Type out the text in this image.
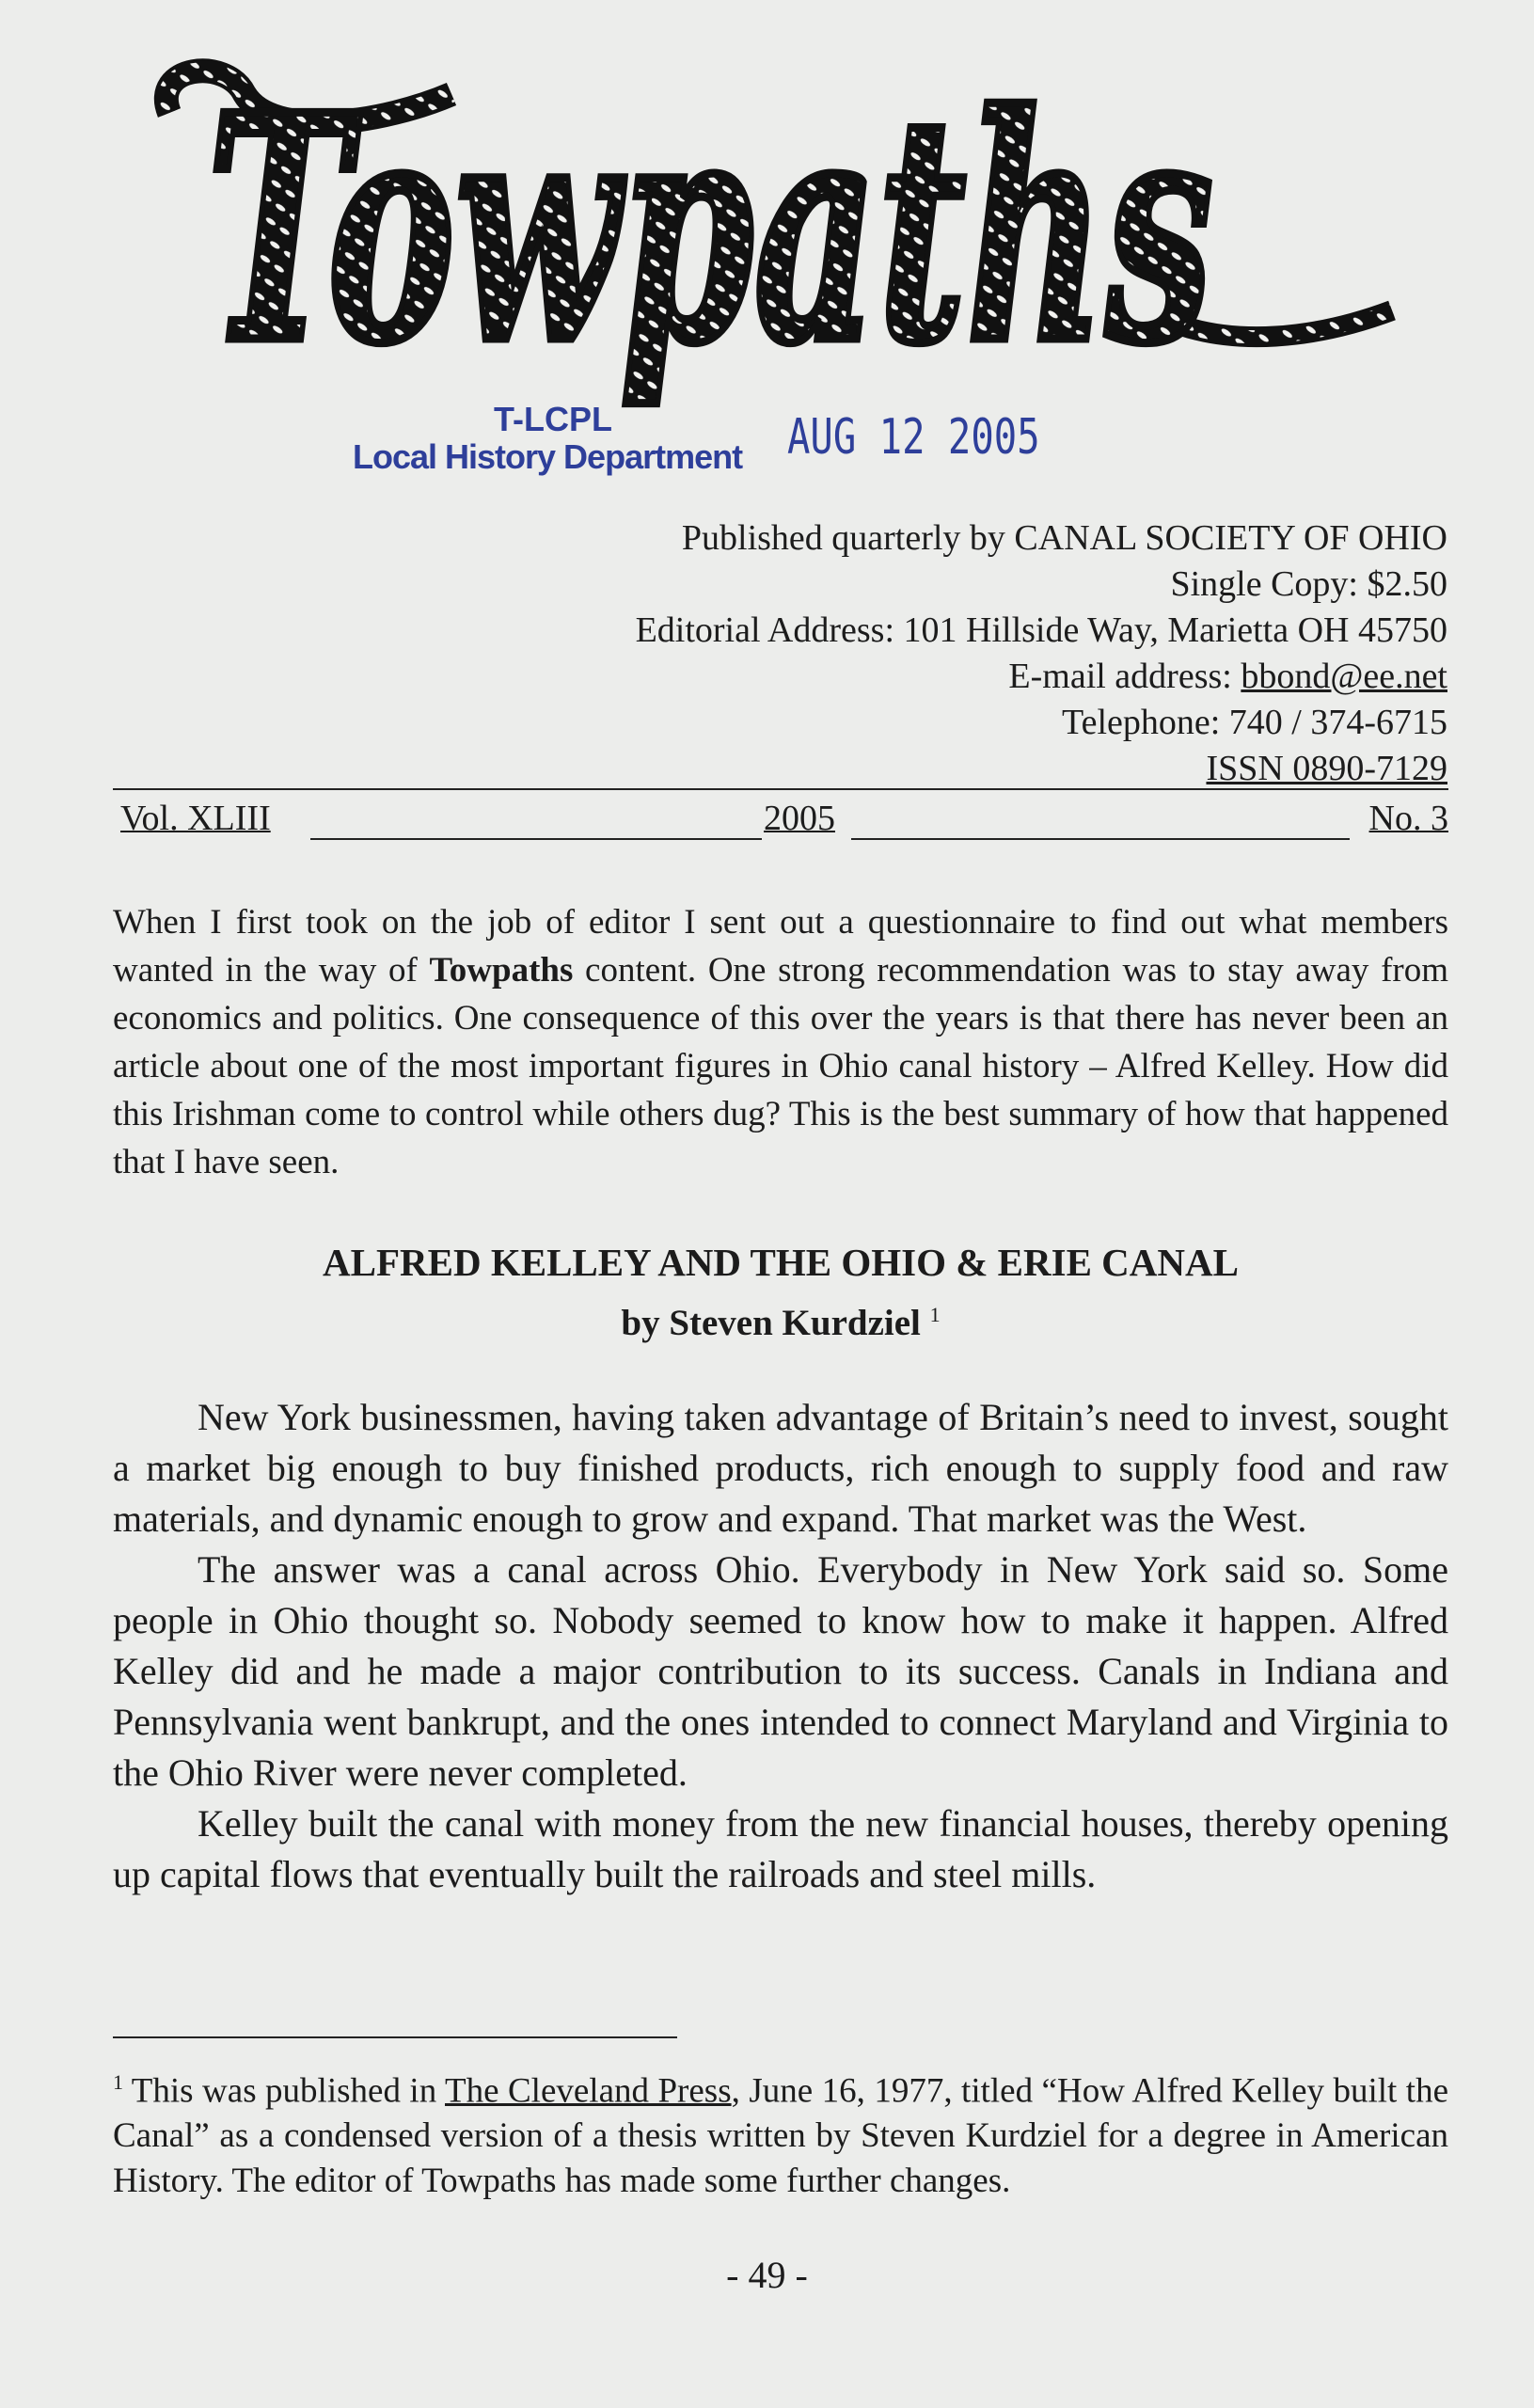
Towpaths
T-LCPL
Local History Department AUG 12 2005
Published quarterly by CANAL SOCIETY OF OHIO
Single Copy: $2.50
Editorial Address: 101 Hillside Way, Marietta OH 45750
E-mail address: bbond@ee.net
Telephone: 740 / 374-6715
ISSN 0890-7129
Vol. XLIII	2005	No. 3
When I first took on the job of editor I sent out a questionnaire to find out what members wanted in the way of Towpaths content. One strong recommendation was to stay away from economics and politics. One consequence of this over the years is that there has never been an article about one of the most important figures in Ohio canal history – Alfred Kelley. How did this Irishman come to control while others dug? This is the best summary of how that happened that I have seen.
ALFRED KELLEY AND THE OHIO & ERIE CANAL
by Steven Kurdziel $^1$

New York businessmen, having taken advantage of Britain’s need to invest, sought a market big enough to buy finished products, rich enough to supply food and raw materials, and dynamic enough to grow and expand. That market was the West.

The answer was a canal across Ohio. Everybody in New York said so. Some people in Ohio thought so. Nobody seemed to know how to make it happen. Alfred Kelley did and he made a major contribution to its success. Canals in Indiana and Pennsylvania went bankrupt, and the ones intended to connect Maryland and Virginia to the Ohio River were never completed.

Kelley built the canal with money from the new financial houses, thereby opening up capital flows that eventually built the railroads and steel mills.

$^1$ This was published in The Cleveland Press, June 16, 1977, titled “How Alfred Kelley built the Canal” as a condensed version of a thesis written by Steven Kurdziel for a degree in American History. The editor of Towpaths has made some further changes.
- 49 -
